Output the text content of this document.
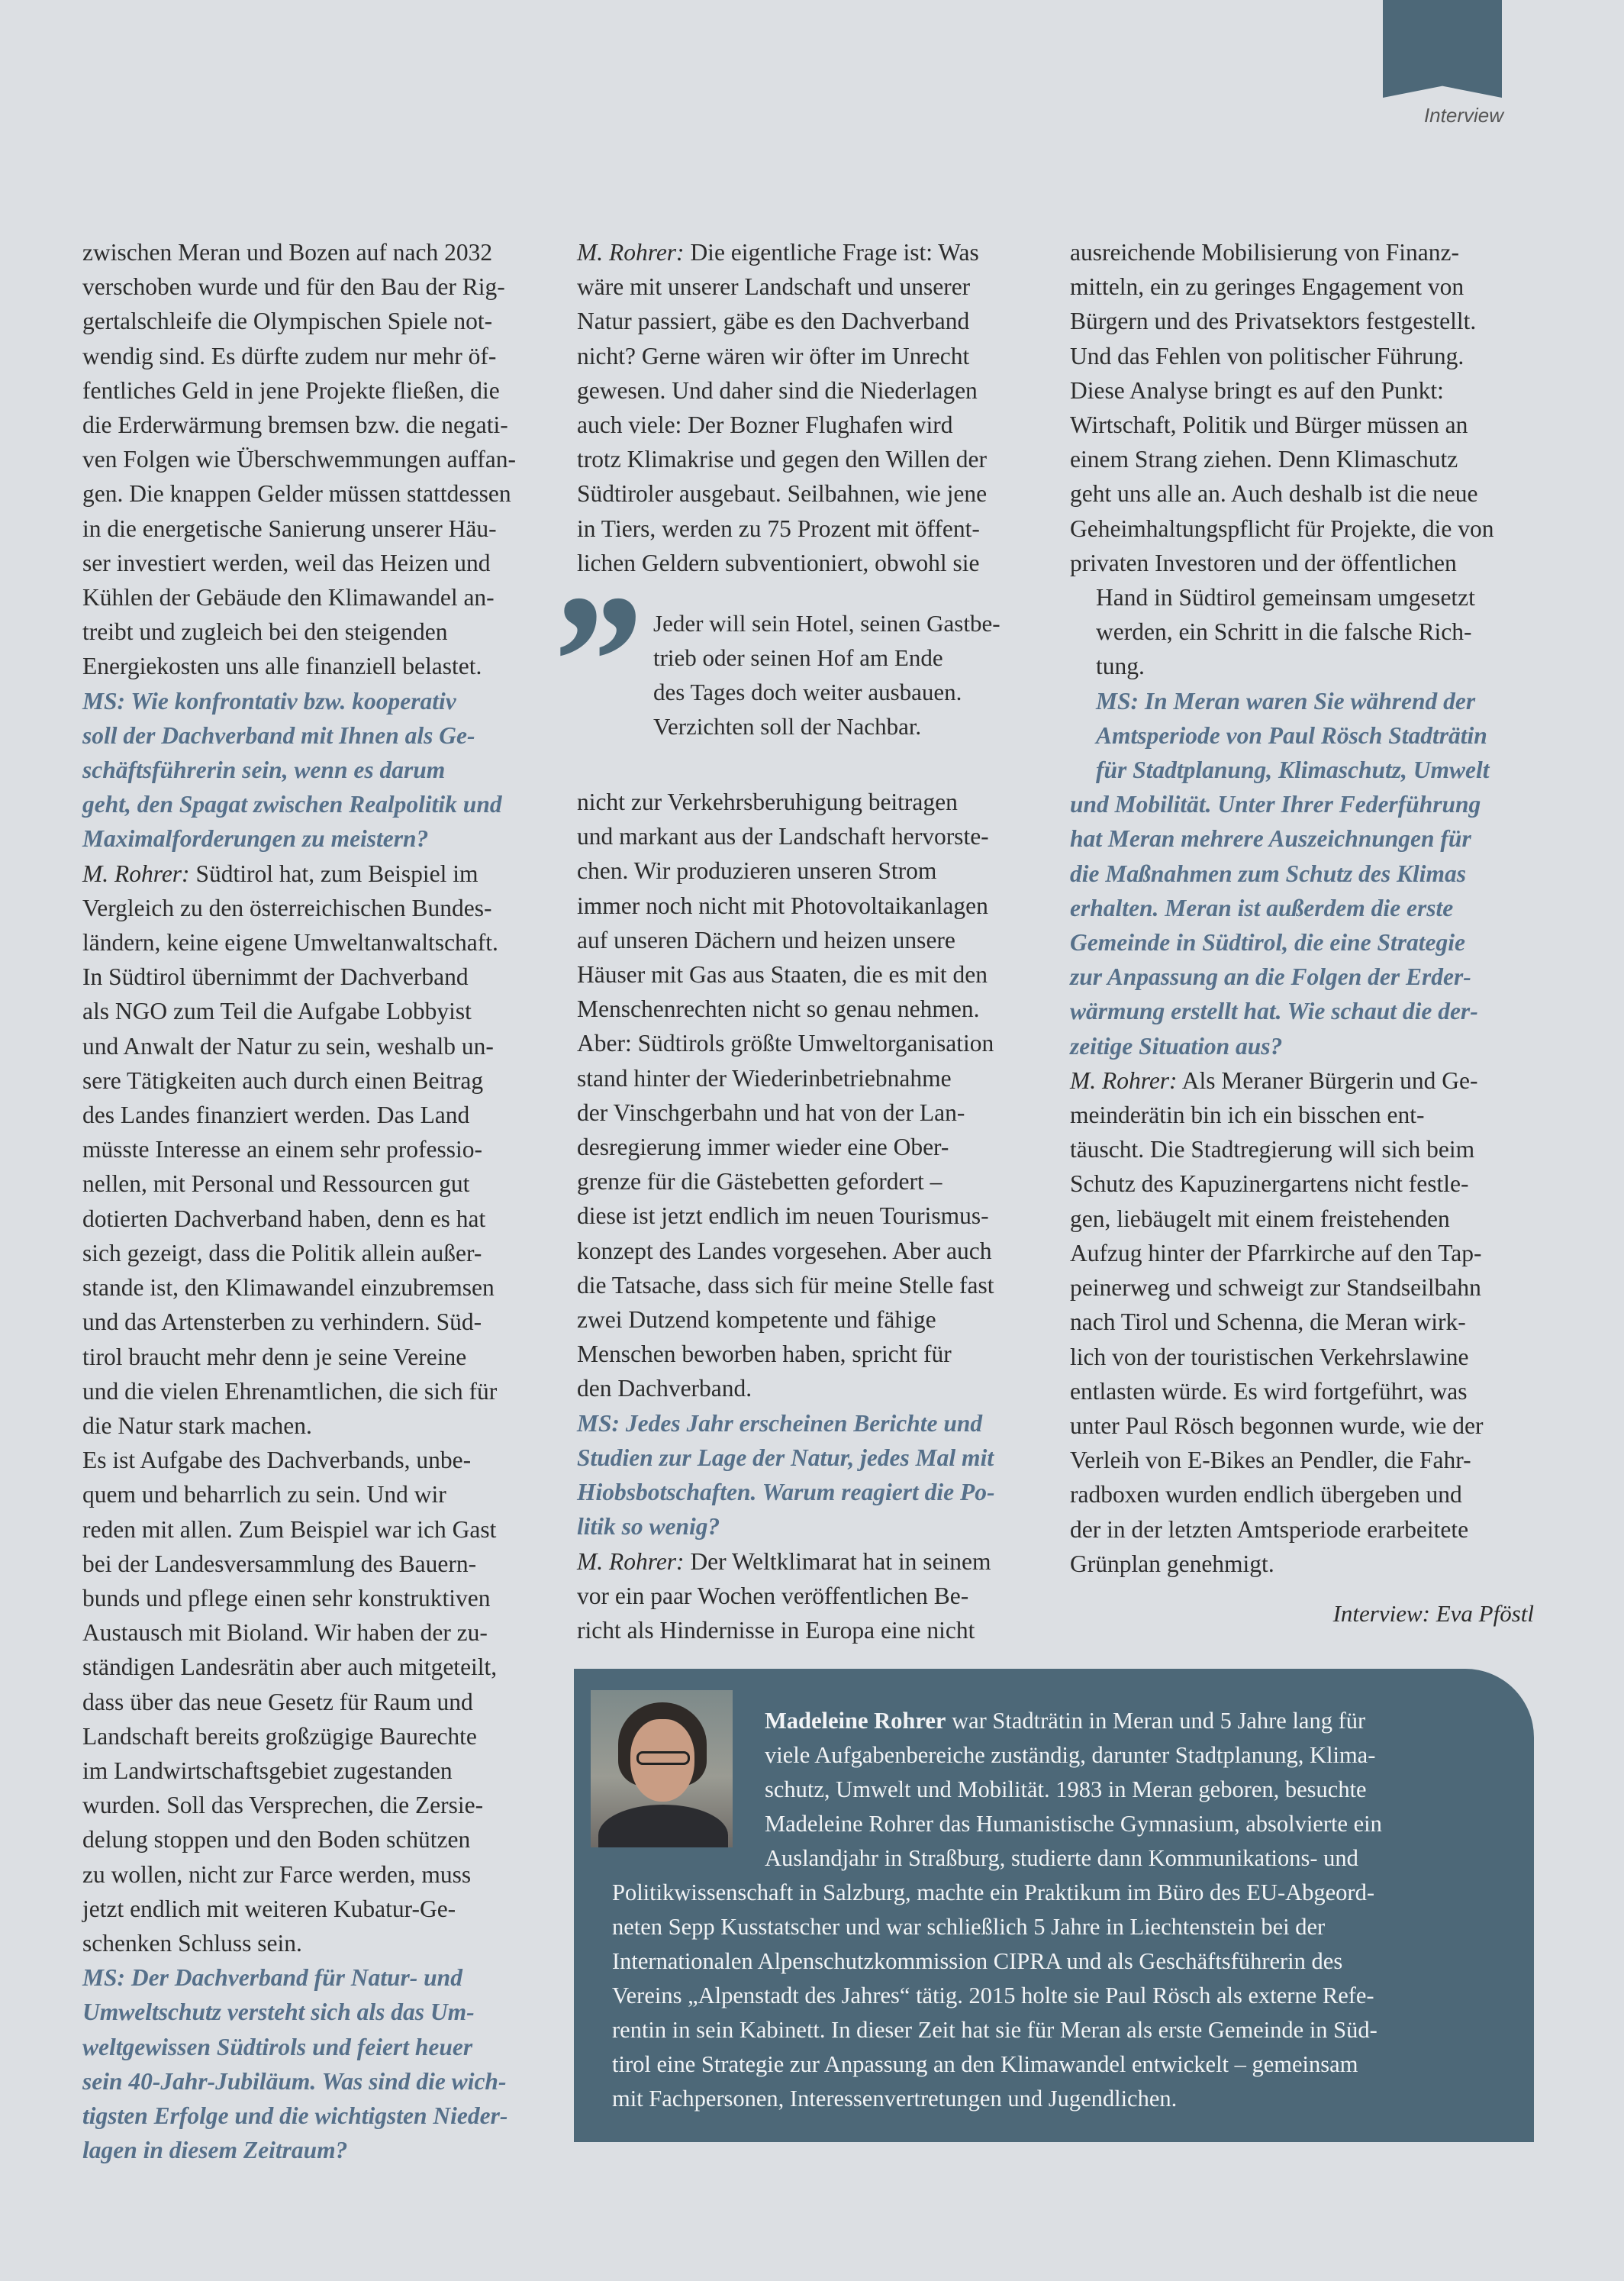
Interview

zwischen Meran und Bozen auf nach 2032

verschoben wurde und für den Bau der Rig-

gertalschleife die Olympischen Spiele not-

wendig sind. Es dürfte zudem nur mehr öf-

fentliches Geld in jene Projekte fließen, die

die Erderwärmung bremsen bzw. die negati-

ven Folgen wie Überschwemmungen auffan-

gen. Die knappen Gelder müssen stattdessen

in die energetische Sanierung unserer Häu-

ser investiert werden, weil das Heizen und

Kühlen der Gebäude den Klimawandel an-

treibt und zugleich bei den steigenden

Energiekosten uns alle finanziell belastet.

MS: Wie konfrontativ bzw. kooperativ

soll der Dachverband mit Ihnen als Ge-

schäftsführerin sein, wenn es darum

geht, den Spagat zwischen Realpolitik und

Maximalforderungen zu meistern?

M. Rohrer: Südtirol hat, zum Beispiel im

Vergleich zu den österreichischen Bundes-

ländern, keine eigene Umweltanwaltschaft.

In Südtirol übernimmt der Dachverband

als NGO zum Teil die Aufgabe Lobbyist

und Anwalt der Natur zu sein, weshalb un-

sere Tätigkeiten auch durch einen Beitrag

des Landes finanziert werden. Das Land

müsste Interesse an einem sehr professio-

nellen, mit Personal und Ressourcen gut

dotierten Dachverband haben, denn es hat

sich gezeigt, dass die Politik allein außer-

stande ist, den Klimawandel einzubremsen

und das Artensterben zu verhindern. Süd-

tirol braucht mehr denn je seine Vereine

und die vielen Ehrenamtlichen, die sich für

die Natur stark machen.

Es ist Aufgabe des Dachverbands, unbe-

quem und beharrlich zu sein. Und wir

reden mit allen. Zum Beispiel war ich Gast

bei der Landesversammlung des Bauern-

bunds und pflege einen sehr konstruktiven

Austausch mit Bioland. Wir haben der zu-

ständigen Landesrätin aber auch mitgeteilt,

dass über das neue Gesetz für Raum und

Landschaft bereits großzügige Baurechte

im Landwirtschaftsgebiet zugestanden

wurden. Soll das Versprechen, die Zersie-

delung stoppen und den Boden schützen

zu wollen, nicht zur Farce werden, muss

jetzt endlich mit weiteren Kubatur-Ge-

schenken Schluss sein.

MS: Der Dachverband für Natur- und

Umweltschutz versteht sich als das Um-

weltgewissen Südtirols und feiert heuer

sein 40-Jahr-Jubiläum. Was sind die wich-

tigsten Erfolge und die wichtigsten Nieder-

lagen in diesem Zeitraum?

M. Rohrer: Die eigentliche Frage ist: Was

wäre mit unserer Landschaft und unserer

Natur passiert, gäbe es den Dachverband

nicht? Gerne wären wir öfter im Unrecht

gewesen. Und daher sind die Niederlagen

auch viele: Der Bozner Flughafen wird

trotz Klimakrise und gegen den Willen der

Südtiroler ausgebaut. Seilbahnen, wie jene

in Tiers, werden zu 75 Prozent mit öffent-

lichen Geldern subventioniert, obwohl sie

” Jeder will sein Hotel, seinen Gastbe-
trieb oder seinen Hof am Ende
des Tages doch weiter ausbauen.
Verzichten soll der Nachbar.

nicht zur Verkehrsberuhigung beitragen

und markant aus der Landschaft hervorste-

chen. Wir produzieren unseren Strom

immer noch nicht mit Photovoltaikanlagen

auf unseren Dächern und heizen unsere

Häuser mit Gas aus Staaten, die es mit den

Menschenrechten nicht so genau nehmen.

Aber: Südtirols größte Umweltorganisation

stand hinter der Wiederinbetriebnahme

der Vinschgerbahn und hat von der Lan-

desregierung immer wieder eine Ober-

grenze für die Gästebetten gefordert –

diese ist jetzt endlich im neuen Tourismus-

konzept des Landes vorgesehen. Aber auch

die Tatsache, dass sich für meine Stelle fast

zwei Dutzend kompetente und fähige

Menschen beworben haben, spricht für

den Dachverband.

MS: Jedes Jahr erscheinen Berichte und

Studien zur Lage der Natur, jedes Mal mit

Hiobsbotschaften. Warum reagiert die Po-

litik so wenig?

M. Rohrer: Der Weltklimarat hat in seinem

vor ein paar Wochen veröffentlichen Be-

richt als Hindernisse in Europa eine nicht

ausreichende Mobilisierung von Finanz-

mitteln, ein zu geringes Engagement von

Bürgern und des Privatsektors festgestellt.

Und das Fehlen von politischer Führung.

Diese Analyse bringt es auf den Punkt:

Wirtschaft, Politik und Bürger müssen an

einem Strang ziehen. Denn Klimaschutz

geht uns alle an. Auch deshalb ist die neue

Geheimhaltungspflicht für Projekte, die von

privaten Investoren und der öffentlichen

Hand in Südtirol gemeinsam umgesetzt

werden, ein Schritt in die falsche Rich-

tung.

MS: In Meran waren Sie während der

Amtsperiode von Paul Rösch Stadträtin

für Stadtplanung, Klimaschutz, Umwelt

und Mobilität. Unter Ihrer Federführung

hat Meran mehrere Auszeichnungen für

die Maßnahmen zum Schutz des Klimas

erhalten. Meran ist außerdem die erste

Gemeinde in Südtirol, die eine Strategie

zur Anpassung an die Folgen der Erder-

wärmung erstellt hat. Wie schaut die der-

zeitige Situation aus?

M. Rohrer: Als Meraner Bürgerin und Ge-

meinderätin bin ich ein bisschen ent-

täuscht. Die Stadtregierung will sich beim

Schutz des Kapuzinergartens nicht festle-

gen, liebäugelt mit einem freistehenden

Aufzug hinter der Pfarrkirche auf den Tap-

peinerweg und schweigt zur Standseilbahn

nach Tirol und Schenna, die Meran wirk-

lich von der touristischen Verkehrslawine

entlasten würde. Es wird fortgeführt, was

unter Paul Rösch begonnen wurde, wie der

Verleih von E-Bikes an Pendler, die Fahr-

radboxen wurden endlich übergeben und

der in der letzten Amtsperiode erarbeitete

Grünplan genehmigt.

Interview: Eva Pföstl
Madeleine Rohrer war Stadträtin in Meran und 5 Jahre lang für
viele Aufgabenbereiche zuständig, darunter Stadtplanung, Klima-
schutz, Umwelt und Mobilität. 1983 in Meran geboren, besuchte
Madeleine Rohrer das Humanistische Gymnasium, absolvierte ein
Auslandjahr in Straßburg, studierte dann Kommunikations- und
Politikwissenschaft in Salzburg, machte ein Praktikum im Büro des EU-Abgeord-
neten Sepp Kusstatscher und war schließlich 5 Jahre in Liechtenstein bei der
Internationalen Alpenschutzkommission CIPRA und als Geschäftsführerin des
Vereins „Alpenstadt des Jahres“ tätig. 2015 holte sie Paul Rösch als externe Refe-
rentin in sein Kabinett. In dieser Zeit hat sie für Meran als erste Gemeinde in Süd-
tirol eine Strategie zur Anpassung an den Klimawandel entwickelt – gemeinsam
mit Fachpersonen, Interessenvertretungen und Jugendlichen.
